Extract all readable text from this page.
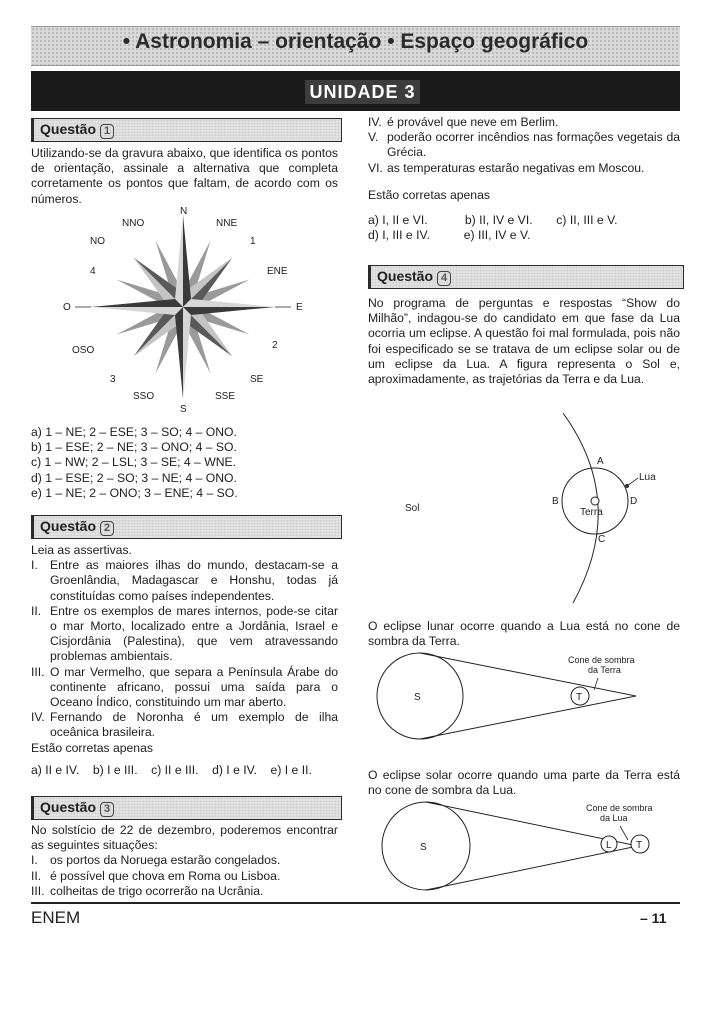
• Astronomia – orientação • Espaço geográfico
UNIDADE 3
Questão 1
Utilizando-se da gravura abaixo, que identifica os pontos de orientação, assinale a alternativa que completa corretamente os pontos que faltam, de acordo com os números.
N
NNO	NNE
NO	1
4	ENE
O	E
OSO	2
3	SE
SSO	SSE
S
a) 1 – NE; 2 – ESE; 3 – SO; 4 – ONO.
b) 1 – ESE; 2 – NE; 3 – ONO; 4 – SO.
c) 1 – NW; 2 – LSL; 3 – SE; 4 – WNE.
d) 1 – ESE; 2 – SO; 3 – NE; 4 – ONO.
e) 1 – NE; 2 – ONO; 3 – ENE; 4 – SO.
Questão 2
Leia as assertivas.
I. Entre as maiores ilhas do mundo, destacam-se a Groenlândia, Madagascar e Honshu, todas já constituídas como países independentes.
II. Entre os exemplos de mares internos, pode-se citar o mar Morto, localizado entre a Jordânia, Israel e Cisjordânia (Palestina), que vem atravessando problemas ambientais.
III. O mar Vermelho, que separa a Península Árabe do continente africano, possui uma saída para o Oceano Índico, constituindo um mar aberto.
IV. Fernando de Noronha é um exemplo de ilha oceânica brasileira.
Estão corretas apenas
a) II e IV.    b) I e III.    c) II e III.    d) I e IV.    e) I e II.
Questão 3
No solstício de 22 de dezembro, poderemos encontrar as seguintes situações:
I. os portos da Noruega estarão congelados.
II. é possível que chova em Roma ou Lisboa.
III. colheitas de trigo ocorrerão na Ucrânia.
IV. é provável que neve em Berlim.
V. poderão ocorrer incêndios nas formações vegetais da Grécia.
VI. as temperaturas estarão negativas em Moscou.
Estão corretas apenas
a) I, II e VI.           b) II, IV e VI.       c) II, III e V.
d) I, III e IV.          e) III, IV e V.
Questão 4
No programa de perguntas e respostas “Show do Milhão”, indagou-se do candidato em que fase da Lua ocorria um eclipse. A questão foi mal formulada, pois não foi especificado se se tratava de um eclipse solar ou de um eclipse da Lua. A figura representa o Sol e, aproximadamente, as trajetórias da Terra e da Lua.
Sol
A
B
C
D
Lua
Terra
O eclipse lunar ocorre quando a Lua está no cone de sombra da Terra.
S	T
Cone de sombra da Terra
O eclipse solar ocorre quando uma parte da Terra está no cone de sombra da Lua.
S	L T
Cone de sombra da Lua
ENEM	– 11
